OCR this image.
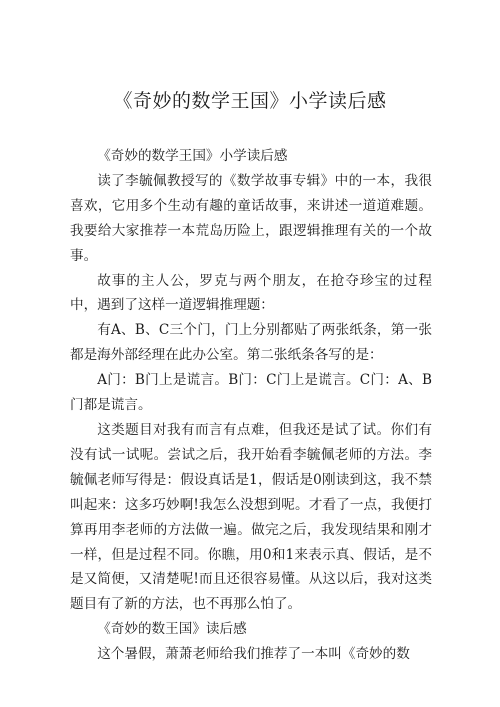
《奇妙的数学王国》小学读后感

《奇妙的数学王国》小学读后感

读了李毓佩教授写的《数学故事专辑》中的一本，我很喜欢，它用多个生动有趣的童话故事，来讲述一道道难题。我要给大家推荐一本荒岛历险上，跟逻辑推理有关的一个故事。

故事的主人公，罗克与两个朋友，在抢夺珍宝的过程中，遇到了这样一道逻辑推理题：

有A、B、C三个门，门上分别都贴了两张纸条，第一张都是海外部经理在此办公室。第二张纸条各写的是：

A门：B门上是谎言。B门：C门上是谎言。C门：A、B门都是谎言。

这类题目对我有而言有点难，但我还是试了试。你们有没有试一试呢。尝试之后，我开始看李毓佩老师的方法。李毓佩老师写得是：假设真话是1，假话是0刚读到这，我不禁叫起来：这多巧妙啊!我怎么没想到呢。才看了一点，我便打算再用李老师的方法做一遍。做完之后，我发现结果和刚才一样，但是过程不同。你瞧，用0和1来表示真、假话，是不是又简便，又清楚呢!而且还很容易懂。从这以后，我对这类题目有了新的方法，也不再那么怕了。

《奇妙的数王国》读后感

这个暑假，萧萧老师给我们推荐了一本叫《奇妙的数
